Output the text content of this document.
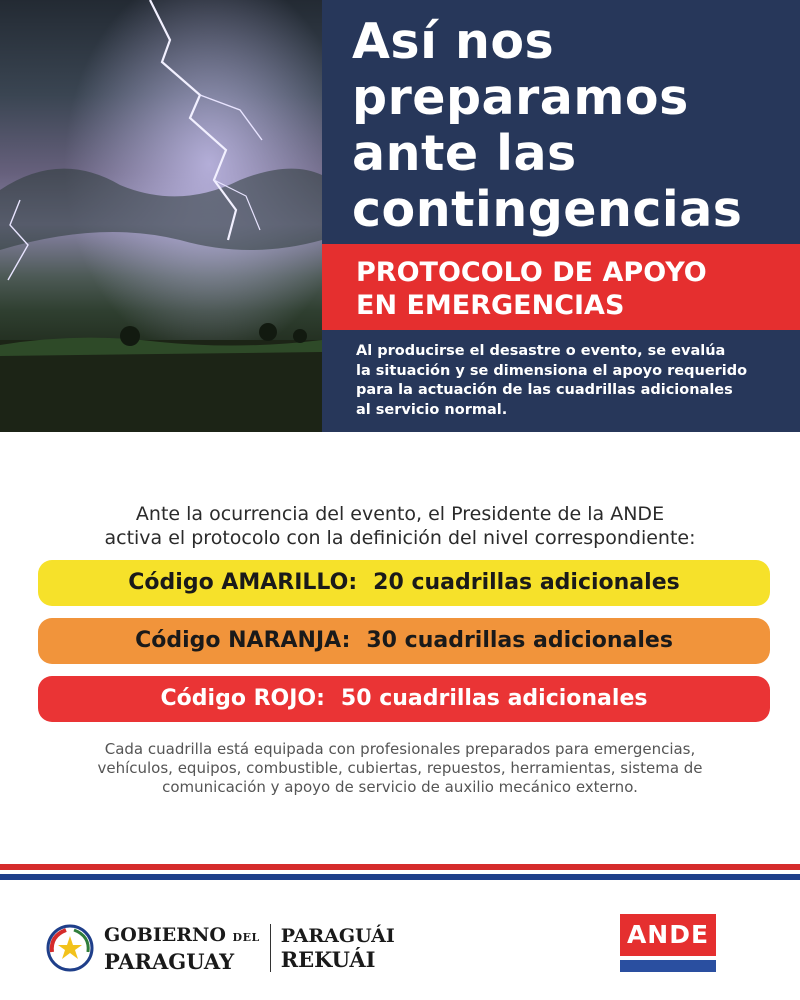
Así nos
preparamos
ante las
contingencias
PROTOCOLO DE APOYO
EN EMERGENCIAS
Al producirse el desastre o evento, se evalúa
la situación y se dimensiona el apoyo requerido
para la actuación de las cuadrillas adicionales
al servicio normal.
Ante la ocurrencia del evento, el Presidente de la ANDE
activa el protocolo con la definición del nivel correspondiente:
Código AMARILLO: 20 cuadrillas adicionales
Código NARANJA: 30 cuadrillas adicionales
Código ROJO: 50 cuadrillas adicionales
Cada cuadrilla está equipada con profesionales preparados para emergencias,
vehículos, equipos, combustible, cubiertas, repuestos, herramientas, sistema de
comunicación y apoyo de servicio de auxilio mecánico externo.
GOBIERNO DEL
PARAGUAY
PARAGUÁI
REKUÁI
ANDE
